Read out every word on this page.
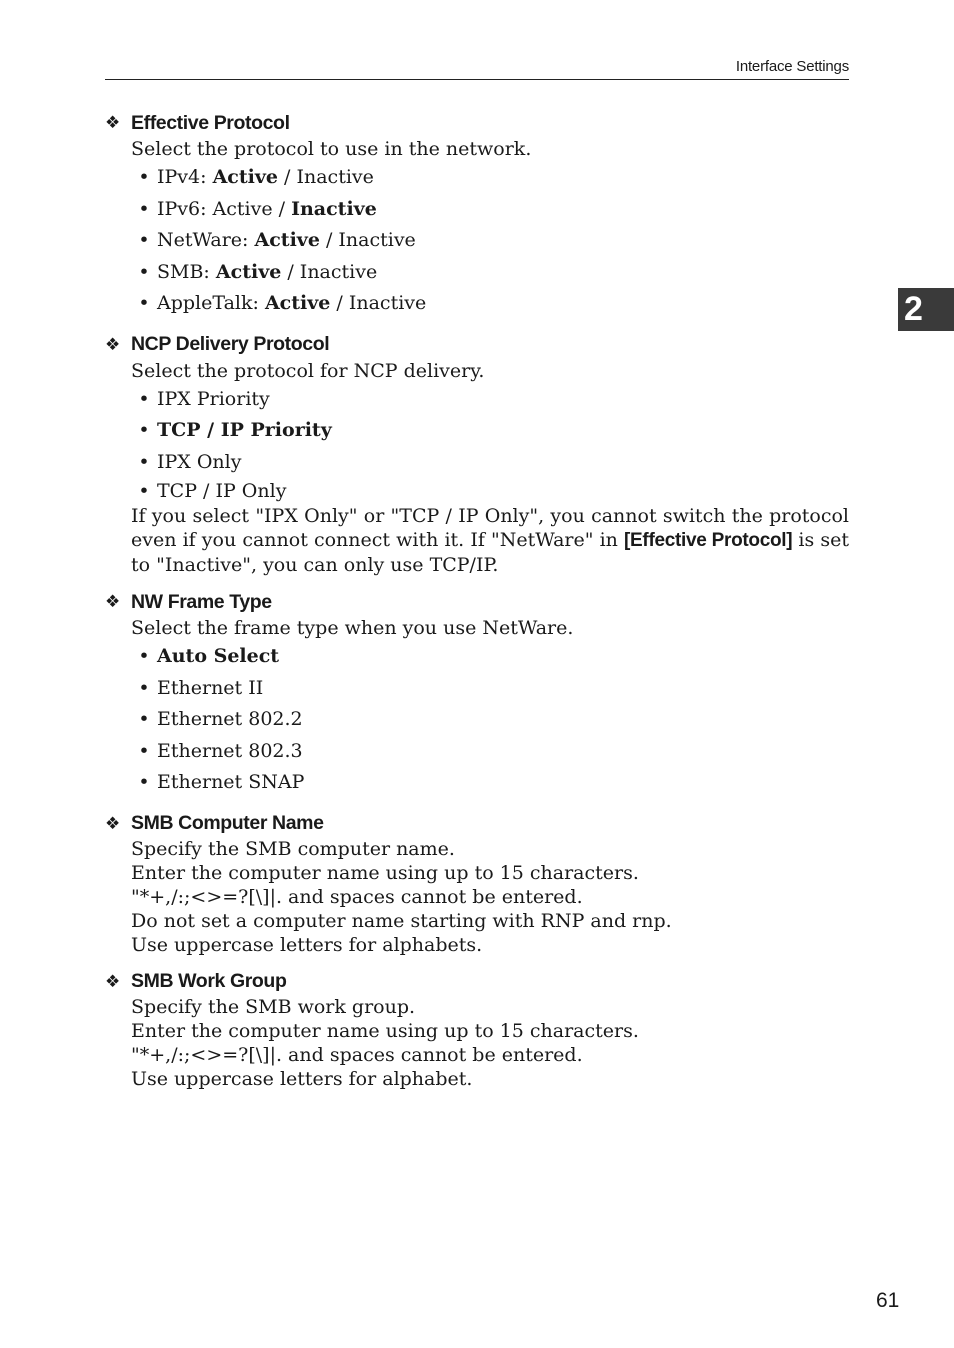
Interface Settings
2
❖ Effective Protocol

Select the protocol to use in the network.

• IPv4: Active / Inactive
• IPv6: Active / Inactive
• NetWare: Active / Inactive
• SMB: Active / Inactive
• AppleTalk: Active / Inactive
❖ NCP Delivery Protocol

Select the protocol for NCP delivery.

• IPX Priority
• TCP / IP Priority
• IPX Only
• TCP / IP Only

If you select "IPX Only" or "TCP / IP Only", you cannot switch the protocol even if you cannot connect with it. If "NetWare" in [Effective Protocol] is set to "Inactive", you can only use TCP/IP.

❖ NW Frame Type

Select the frame type when you use NetWare.

• Auto Select
• Ethernet II
• Ethernet 802.2
• Ethernet 802.3
• Ethernet SNAP
❖ SMB Computer Name

Specify the SMB computer name.

Enter the computer name using up to 15 characters.

"*+,/:;<>=?[\]|. and spaces cannot be entered.

Do not set a computer name starting with RNP and rnp.

Use uppercase letters for alphabets.

❖ SMB Work Group

Specify the SMB work group.

Enter the computer name using up to 15 characters.

"*+,/:;<>=?[\]|. and spaces cannot be entered.

Use uppercase letters for alphabet.

61
